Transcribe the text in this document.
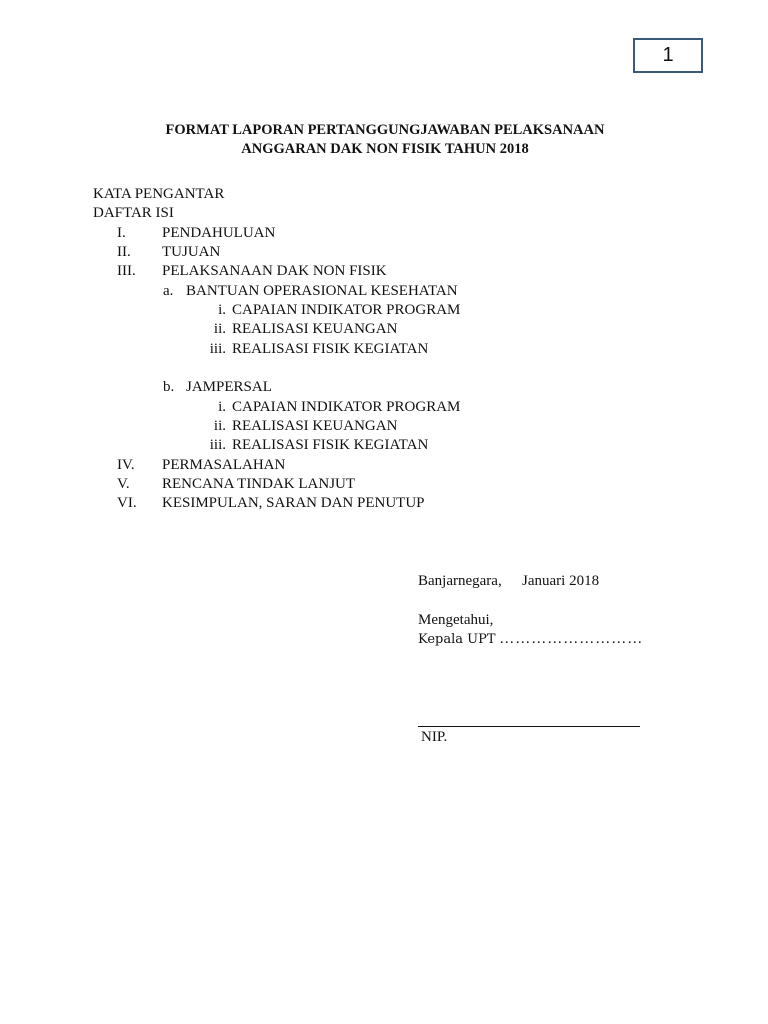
1
FORMAT LAPORAN PERTANGGUNGJAWABAN PELAKSANAAN
ANGGARAN DAK NON FISIK TAHUN 2018
KATA PENGANTAR
DAFTAR ISI
I. PENDAHULUAN
II. TUJUAN
III. PELAKSANAAN DAK NON FISIK
a. BANTUAN OPERASIONAL KESEHATAN
i. CAPAIAN INDIKATOR PROGRAM
ii. REALISASI KEUANGAN
iii. REALISASI FISIK KEGIATAN
b. JAMPERSAL
i. CAPAIAN INDIKATOR PROGRAM
ii. REALISASI KEUANGAN
iii. REALISASI FISIK KEGIATAN
IV. PERMASALAHAN
V. RENCANA TINDAK LANJUT
VI. KESIMPULAN, SARAN DAN PENUTUP
Banjarnegara, Januari 2018
Mengetahui,
Kepala UPT ………………………
NIP.
